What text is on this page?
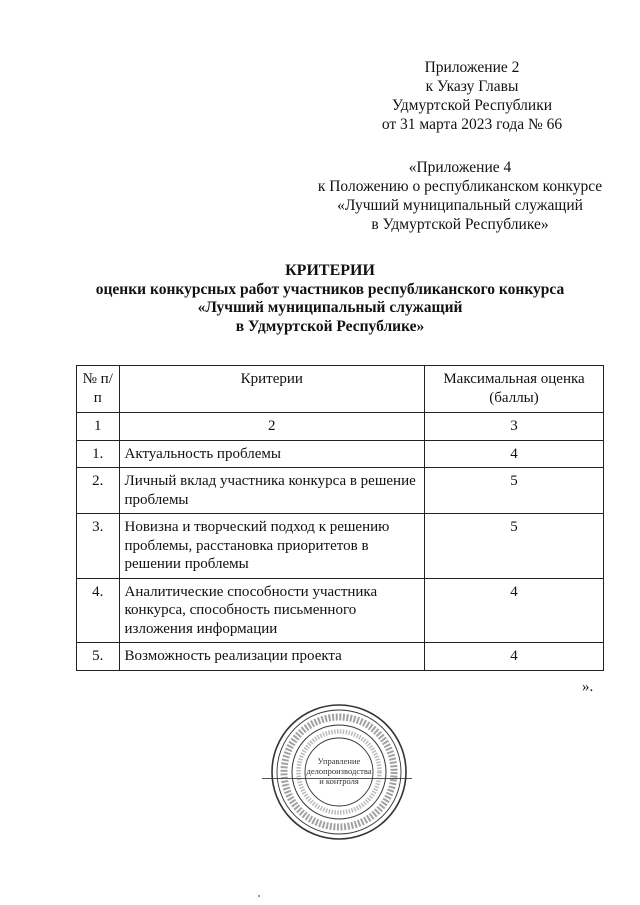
Приложение 2
к Указу Главы
Удмуртской Республики
от 31 марта 2023 года № 66
«Приложение 4
к Положению о республиканском конкурсе
«Лучший муниципальный служащий
в Удмуртской Республике»
КРИТЕРИИ
оценки конкурсных работ участников республиканского конкурса
«Лучший муниципальный служащий
в Удмуртской Республике»
№ п/п	Критерии	Максимальная оценка (баллы)
1	2	3
1.	Актуальность проблемы	4
2.	Личный вклад участника конкурса в решение проблемы	5
3.	Новизна и творческий подход к решению проблемы, расстановка приоритетов в решении проблемы	5
4.	Аналитические способности участника конкурса, способность письменного изложения информации	4
5.	Возможность реализации проекта	4
».
Управление
делопроизводства
и контроля
